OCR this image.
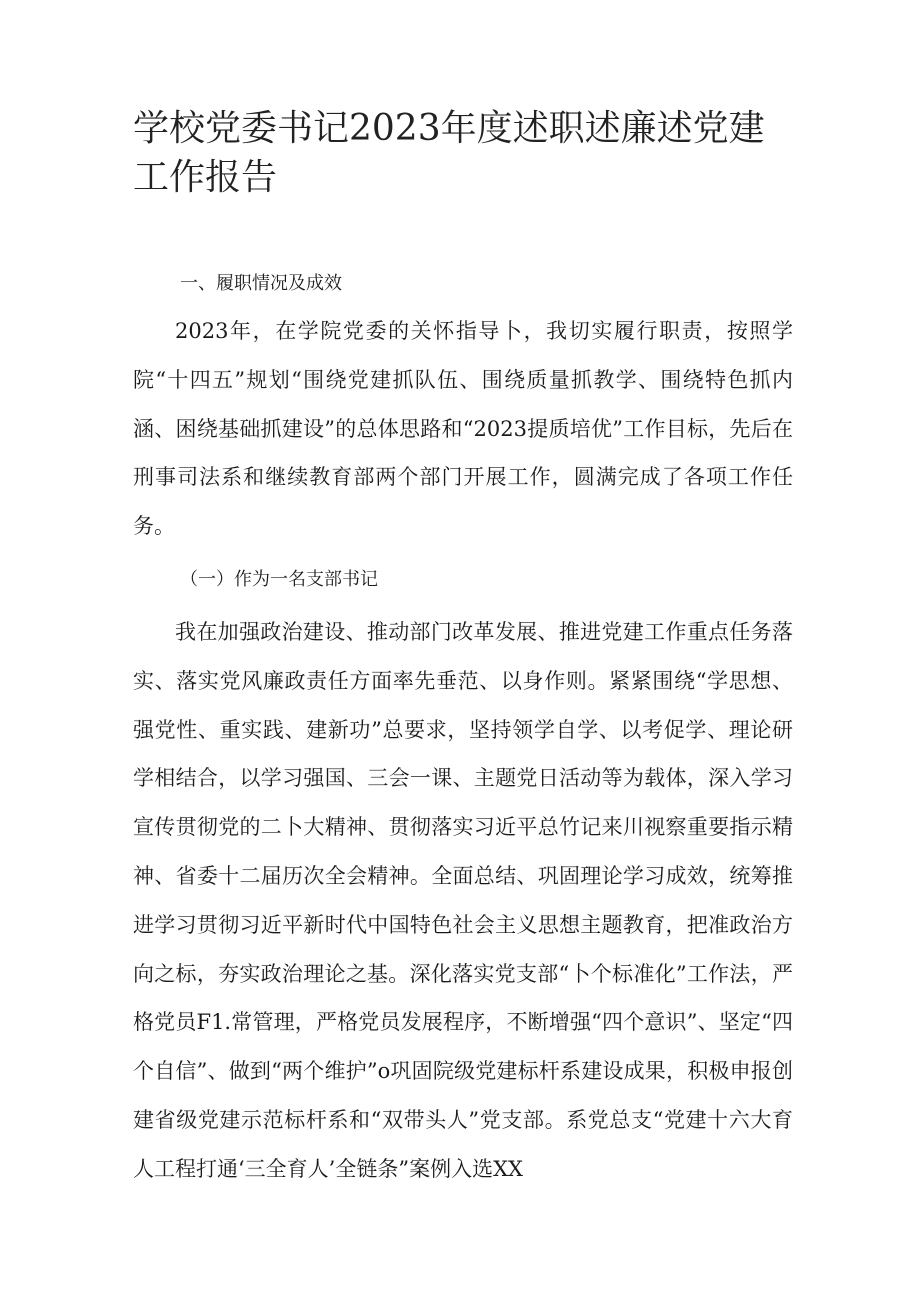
学校党委书记2023年度述职述廉述党建工作报告

一、履职情况及成效

2023年，在学院党委的关怀指导卜，我切实履行职责，按照学院“十四五”规划“围绕党建抓队伍、围绕质量抓教学、围绕特色抓内涵、困绕基础抓建设”的总体思路和“2023提质培优”工作目标，先后在刑事司法系和继续教育部两个部门开展工作，圆满完成了各项工作任务。

（一）作为一名支部书记

我在加强政治建设、推动部门改革发展、推进党建工作重点任务落实、落实党风廉政责任方面率先垂范、以身作则。紧紧围绕“学思想、强党性、重实践、建新功”总要求，坚持领学自学、以考促学、理论研学相结合，以学习强国、三会一课、主题党日活动等为载体，深入学习宣传贯彻党的二卜大精神、贯彻落实习近平总竹记来川视察重要指示精神、省委十二届历次全会精神。全面总结、巩固理论学习成效，统筹推进学习贯彻习近平新时代中国特色社会主义思想主题教育，把准政治方向之标，夯实政治理论之基。深化落实党支部“卜个标准化”工作法，严格党员F1.常管理，严格党员发展程序，不断增强“四个意识”、坚定“四个自信”、做到“两个维护”o巩固院级党建标杆系建设成果，积极申报创建省级党建示范标杆系和“双带头人”党支部。系党总支“党建十六大育人工程打通‘三全育人’全链条”案例入选XX
